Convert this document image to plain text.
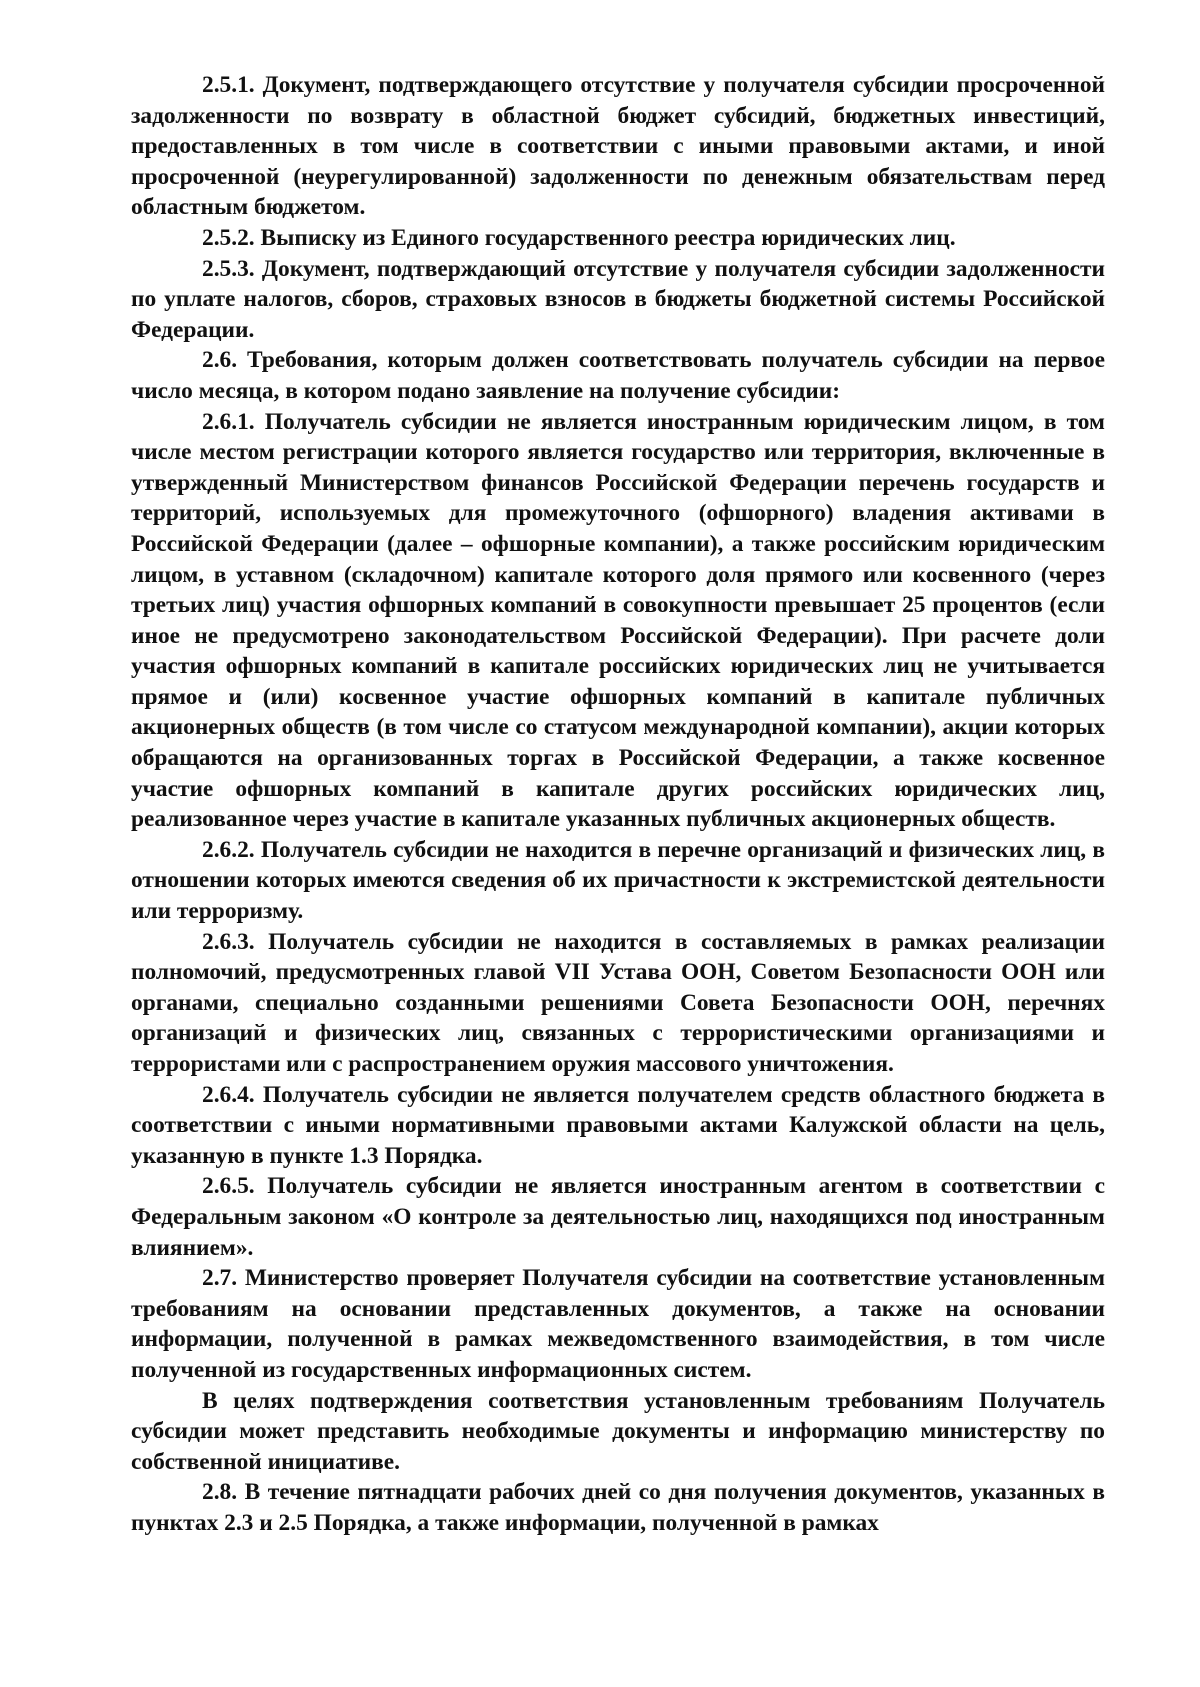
2.5.1. Документ, подтверждающего отсутствие у получателя субсидии просроченной задолженности по возврату в областной бюджет субсидий, бюджетных инвестиций, предоставленных в том числе в соответствии с иными правовыми актами, и иной просроченной (неурегулированной) задолженности по денежным обязательствам перед областным бюджетом.

2.5.2. Выписку из Единого государственного реестра юридических лиц.

2.5.3. Документ, подтверждающий отсутствие у получателя субсидии задолженности по уплате налогов, сборов, страховых взносов в бюджеты бюджетной системы Российской Федерации.

2.6. Требования, которым должен соответствовать получатель субсидии на первое число месяца, в котором подано заявление на получение субсидии:

2.6.1. Получатель субсидии не является иностранным юридическим лицом, в том числе местом регистрации которого является государство или территория, включенные в утвержденный Министерством финансов Российской Федерации перечень государств и территорий, используемых для промежуточного (офшорного) владения активами в Российской Федерации (далее – офшорные компании), а также российским юридическим лицом, в уставном (складочном) капитале которого доля прямого или косвенного (через третьих лиц) участия офшорных компаний в совокупности превышает 25 процентов (если иное не предусмотрено законодательством Российской Федерации). При расчете доли участия офшорных компаний в капитале российских юридических лиц не учитывается прямое и (или) косвенное участие офшорных компаний в капитале публичных акционерных обществ (в том числе со статусом международной компании), акции которых обращаются на организованных торгах в Российской Федерации, а также косвенное участие офшорных компаний в капитале других российских юридических лиц, реализованное через участие в капитале указанных публичных акционерных обществ.

2.6.2. Получатель субсидии не находится в перечне организаций и физических лиц, в отношении которых имеются сведения об их причастности к экстремистской деятельности или терроризму.

2.6.3. Получатель субсидии не находится в составляемых в рамках реализации полномочий, предусмотренных главой VII Устава ООН, Советом Безопасности ООН или органами, специально созданными решениями Совета Безопасности ООН, перечнях организаций и физических лиц, связанных с террористическими организациями и террористами или с распространением оружия массового уничтожения.

2.6.4. Получатель субсидии не является получателем средств областного бюджета в соответствии с иными нормативными правовыми актами Калужской области на цель, указанную в пункте 1.3 Порядка.

2.6.5. Получатель субсидии не является иностранным агентом в соответствии с Федеральным законом «О контроле за деятельностью лиц, находящихся под иностранным влиянием».

2.7. Министерство проверяет Получателя субсидии на соответствие установленным требованиям на основании представленных документов, а также на основании информации, полученной в рамках межведомственного взаимодействия, в том числе полученной из государственных информационных систем.

В целях подтверждения соответствия установленным требованиям Получатель субсидии может представить необходимые документы и информацию министерству по собственной инициативе.

2.8. В течение пятнадцати рабочих дней со дня получения документов, указанных в пунктах 2.3 и 2.5 Порядка, а также информации, полученной в рамках
